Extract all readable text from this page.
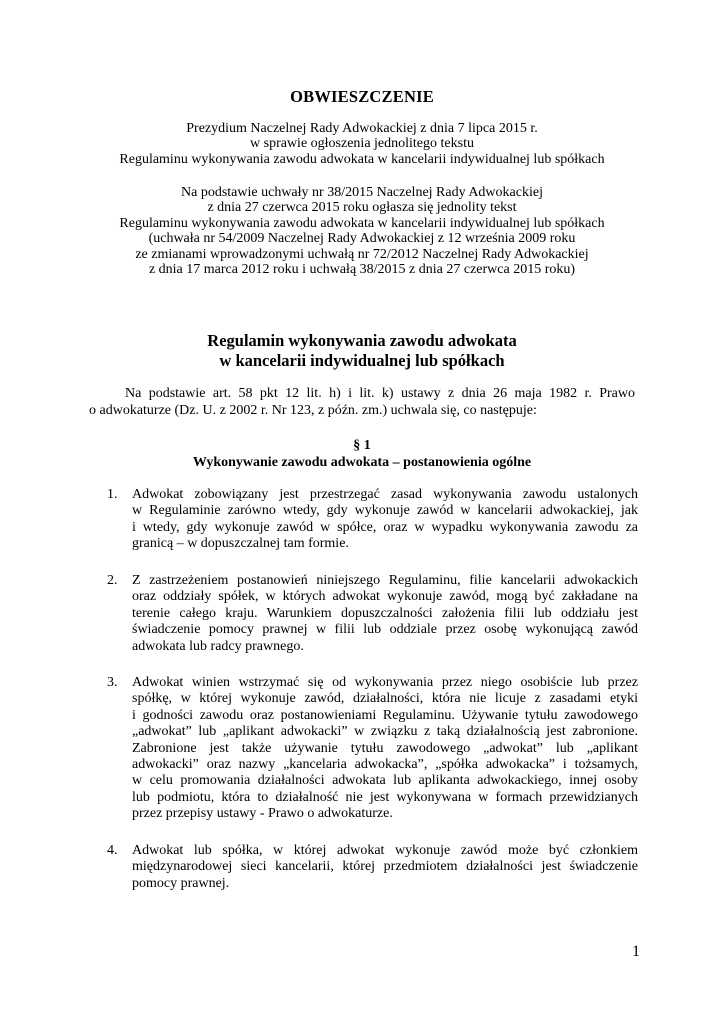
OBWIESZCZENIE
Prezydium Naczelnej Rady Adwokackiej z dnia 7 lipca 2015 r.
w sprawie ogłoszenia jednolitego tekstu
Regulaminu wykonywania zawodu adwokata w kancelarii indywidualnej lub spółkach
Na podstawie uchwały nr 38/2015 Naczelnej Rady Adwokackiej
z dnia 27 czerwca 2015 roku ogłasza się jednolity tekst
Regulaminu wykonywania zawodu adwokata w kancelarii indywidualnej lub spółkach
(uchwała nr 54/2009 Naczelnej Rady Adwokackiej z 12 września 2009 roku
ze zmianami wprowadzonymi uchwałą nr 72/2012 Naczelnej Rady Adwokackiej
z dnia 17 marca 2012 roku i uchwałą 38/2015 z dnia 27 czerwca 2015 roku)
Regulamin wykonywania zawodu adwokata
w kancelarii indywidualnej lub spółkach
Na podstawie art. 58 pkt 12 lit. h) i lit. k) ustawy z dnia 26 maja 1982 r. Prawo
o adwokaturze (Dz. U. z 2002 r. Nr 123, z późn. zm.) uchwala się, co następuje:
§ 1
Wykonywanie zawodu adwokata – postanowienia ogólne
1.	Adwokat zobowiązany jest przestrzegać zasad wykonywania zawodu ustalonych
w Regulaminie zarówno wtedy, gdy wykonuje zawód w kancelarii adwokackiej, jak
i wtedy, gdy wykonuje zawód w spółce, oraz w wypadku wykonywania zawodu za
granicą – w dopuszczalnej tam formie.
2.	Z zastrzeżeniem postanowień niniejszego Regulaminu, filie kancelarii adwokackich
oraz oddziały spółek, w których adwokat wykonuje zawód, mogą być zakładane na
terenie całego kraju. Warunkiem dopuszczalności założenia filii lub oddziału jest
świadczenie pomocy prawnej w filii lub oddziale przez osobę wykonującą zawód
adwokata lub radcy prawnego.
3.	Adwokat winien wstrzymać się od wykonywania przez niego osobiście lub przez
spółkę, w której wykonuje zawód, działalności, która nie licuje z zasadami etyki
i godności zawodu oraz postanowieniami Regulaminu. Używanie tytułu zawodowego
„adwokat” lub „aplikant adwokacki” w związku z taką działalnością jest zabronione.
Zabronione jest także używanie tytułu zawodowego „adwokat” lub „aplikant
adwokacki” oraz nazwy „kancelaria adwokacka”, „spółka adwokacka” i tożsamych,
w celu promowania działalności adwokata lub aplikanta adwokackiego, innej osoby
lub podmiotu, która to działalność nie jest wykonywana w formach przewidzianych
przez przepisy ustawy - Prawo o adwokaturze.
4.	Adwokat lub spółka, w której adwokat wykonuje zawód może być członkiem
międzynarodowej sieci kancelarii, której przedmiotem działalności jest świadczenie
pomocy prawnej.
1
